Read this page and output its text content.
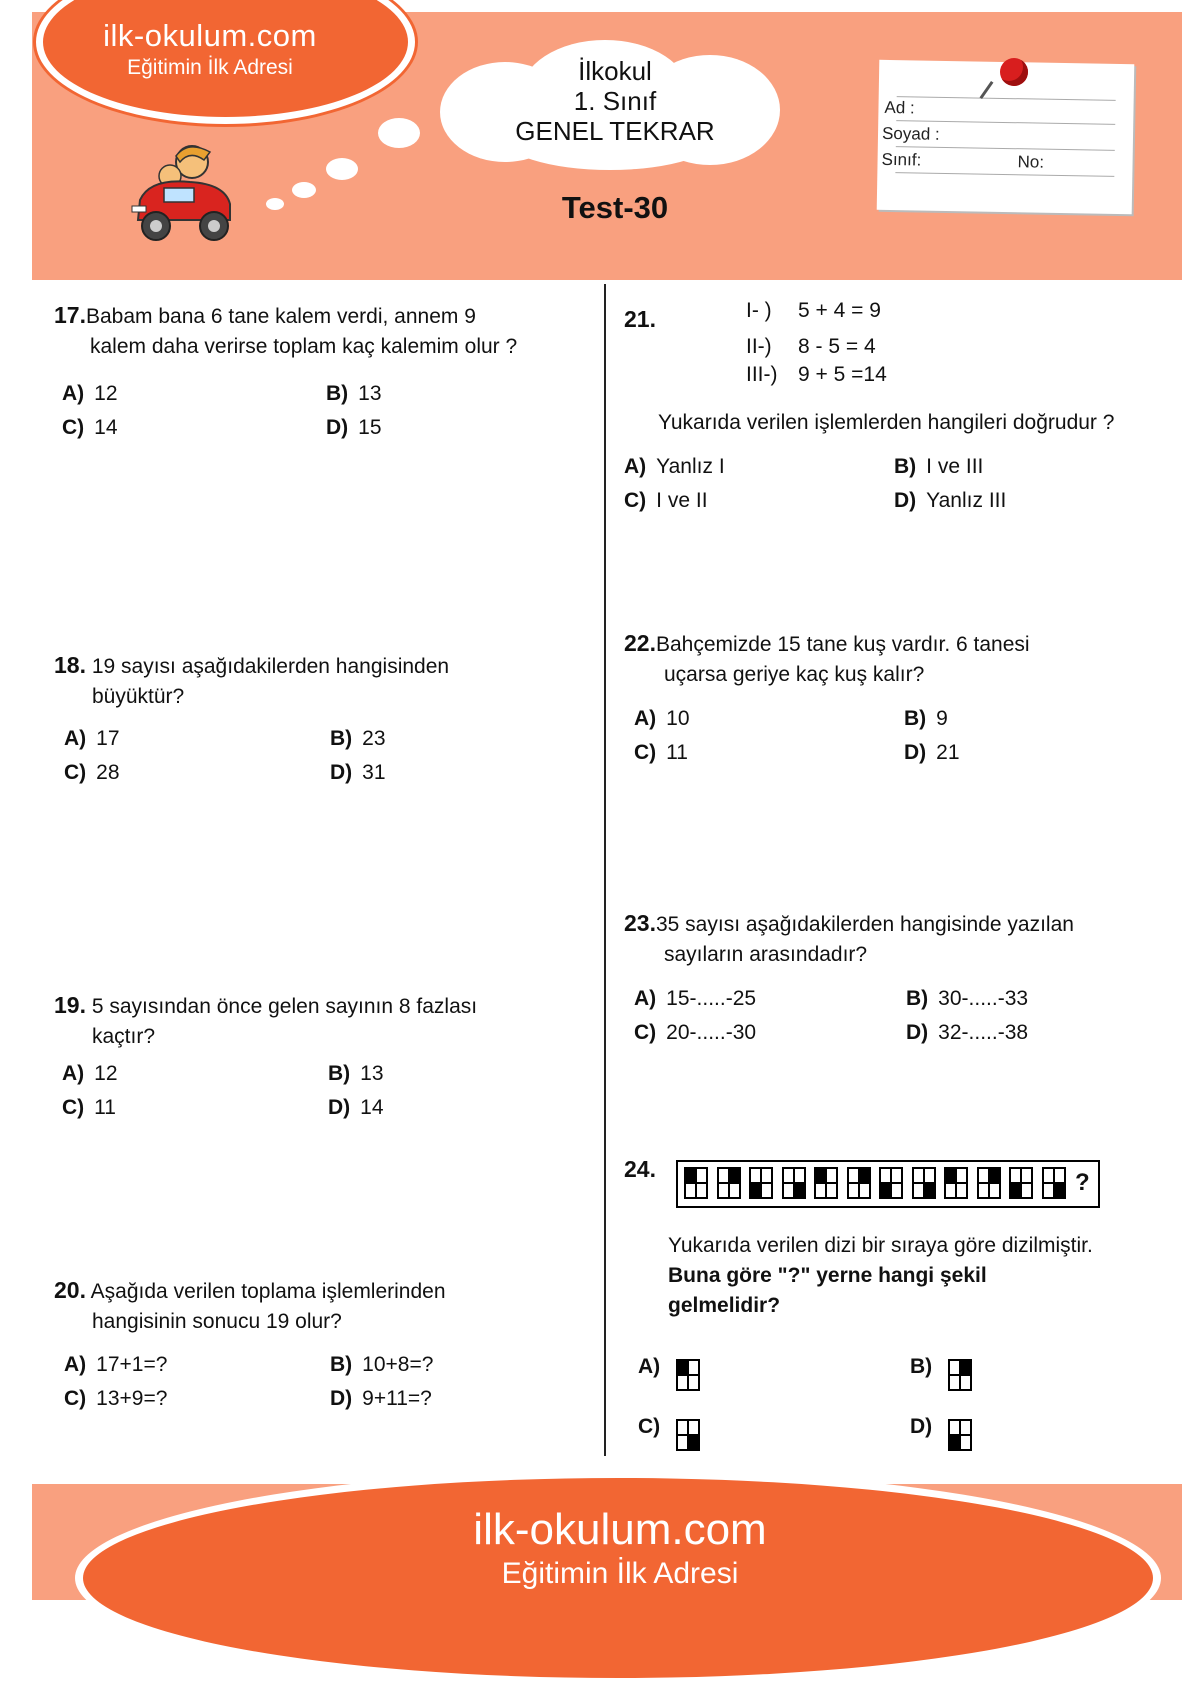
ilk-okulum.com
Eğitimin İlk Adresi	İlkokul
1. Sınıf
GENEL TEKRAR
Test-30
Ad :
Soyad :
Sınıf:	No:
17.Babam bana 6 tane kalem verdi, annem 9
kalem daha verirse toplam kaç kalemim olur ?
A) 12	B) 13
C) 14	D) 15
18. 19 sayısı aşağıdakilerden hangisinden
büyüktür?
A) 17	B) 23
C) 28	D) 31
19. 5 sayısından önce gelen sayının 8 fazlası
kaçtır?
A) 12	B) 13
C) 11	D) 14
20. Aşağıda verilen toplama işlemlerinden
hangisinin sonucu 19 olur?
A) 17+1=?	B) 10+8=?
C) 13+9=?	D) 9+11=?
21.	I- ) 5 + 4 = 9
II-) 8 - 5 = 4
III-) 9 + 5 =14
Yukarıda verilen işlemlerden hangileri doğrudur ?
A) Yanlız I	B) I ve III
C) I ve II	D) Yanlız III
22.Bahçemizde 15 tane kuş vardır. 6 tanesi
uçarsa geriye kaç kuş kalır?
A) 10	B) 9
C) 11	D) 21
23.35 sayısı aşağıdakilerden hangisinde yazılan
sayıların arasındadır?
A) 15-.....-25	B) 30-.....-33
C) 20-.....-30	D) 32-.....-38
24.	?
Yukarıda verilen dizi bir sıraya göre dizilmiştir.
Buna göre "?" yerne hangi şekil
gelmelidir?
A)	B)
C)	D)
ilk-okulum.com
Eğitimin İlk Adresi
